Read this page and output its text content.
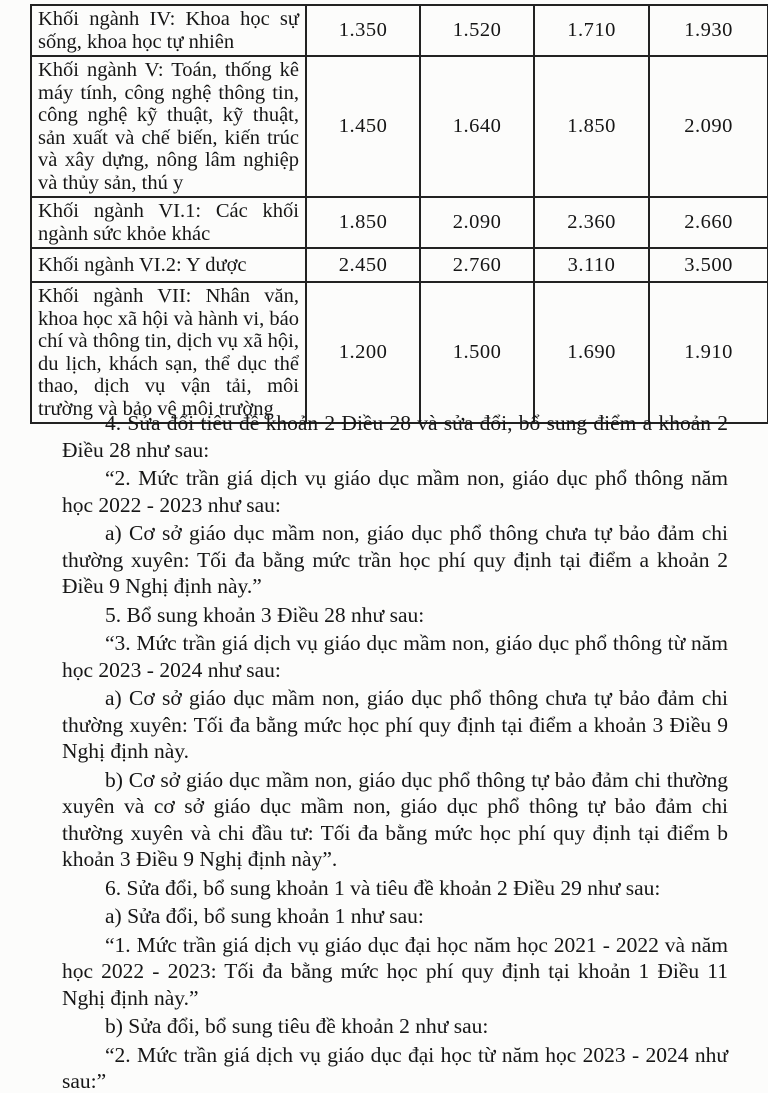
Khối ngành IV: Khoa học sự sống, khoa học tự nhiên	1.350	1.520	1.710	1.930
Khối ngành V: Toán, thống kê máy tính, công nghệ thông tin, công nghệ kỹ thuật, kỹ thuật, sản xuất và chế biến, kiến trúc và xây dựng, nông lâm nghiệp và thủy sản, thú y	1.450	1.640	1.850	2.090
Khối ngành VI.1: Các khối ngành sức khỏe khác	1.850	2.090	2.360	2.660
Khối ngành VI.2: Y dược	2.450	2.760	3.110	3.500
Khối ngành VII: Nhân văn, khoa học xã hội và hành vi, báo chí và thông tin, dịch vụ xã hội, du lịch, khách sạn, thể dục thể thao, dịch vụ vận tải, môi trường và bảo vệ môi trường	1.200	1.500	1.690	1.910

4. Sửa đổi tiêu đề khoản 2 Điều 28 và sửa đổi, bổ sung điểm a khoản 2 Điều 28 như sau:

“2. Mức trần giá dịch vụ giáo dục mầm non, giáo dục phổ thông năm học 2022 - 2023 như sau:

a) Cơ sở giáo dục mầm non, giáo dục phổ thông chưa tự bảo đảm chi thường xuyên: Tối đa bằng mức trần học phí quy định tại điểm a khoản 2 Điều 9 Nghị định này.”

5. Bổ sung khoản 3 Điều 28 như sau:

“3. Mức trần giá dịch vụ giáo dục mầm non, giáo dục phổ thông từ năm học 2023 - 2024 như sau:

a) Cơ sở giáo dục mầm non, giáo dục phổ thông chưa tự bảo đảm chi thường xuyên: Tối đa bằng mức học phí quy định tại điểm a khoản 3 Điều 9 Nghị định này.

b) Cơ sở giáo dục mầm non, giáo dục phổ thông tự bảo đảm chi thường xuyên và cơ sở giáo dục mầm non, giáo dục phổ thông tự bảo đảm chi thường xuyên và chi đầu tư: Tối đa bằng mức học phí quy định tại điểm b khoản 3 Điều 9 Nghị định này”.

6. Sửa đổi, bổ sung khoản 1 và tiêu đề khoản 2 Điều 29 như sau:

a) Sửa đổi, bổ sung khoản 1 như sau:

“1. Mức trần giá dịch vụ giáo dục đại học năm học 2021 - 2022 và năm học 2022 - 2023: Tối đa bằng mức học phí quy định tại khoản 1 Điều 11 Nghị định này.”

b) Sửa đổi, bổ sung tiêu đề khoản 2 như sau:

“2. Mức trần giá dịch vụ giáo dục đại học từ năm học 2023 - 2024 như sau:”
